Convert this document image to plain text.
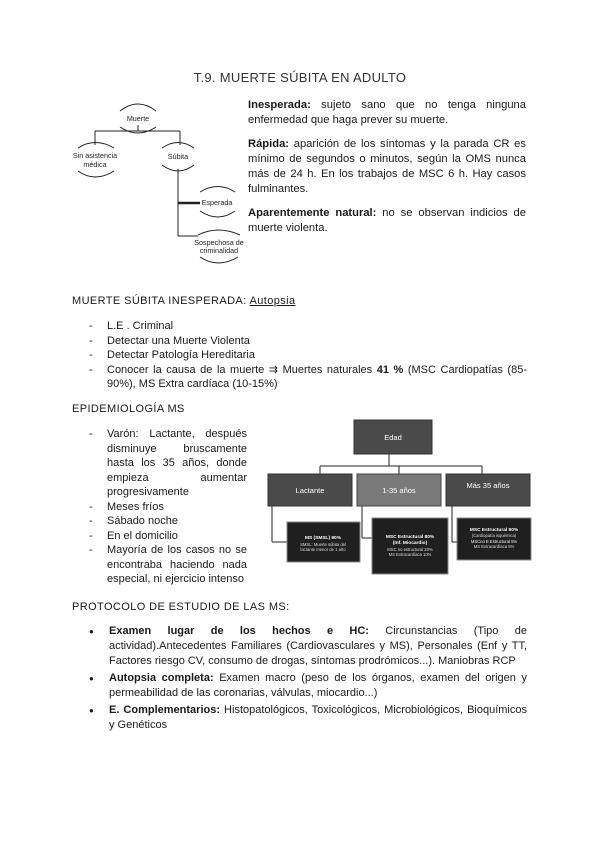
T.9. MUERTE SÚBITA EN ADULTO
Muerte
Sin asistencia
médica
Súbita
Esperada
Sospechosa de
criminalidad
Inesperada: sujeto sano que no tenga ninguna enfermedad que haga prever su muerte.
Rápida: aparición de los síntomas y la parada CR es mínimo de segundos o minutos, según la OMS nunca más de 24 h. En los trabajos de MSC 6 h. Hay casos fulminantes.
Aparentemente natural: no se observan indicios de muerte violenta.
MUERTE SÚBITA INESPERADA: Autopsia
- L.E . Criminal
- Detectar una Muerte Violenta
- Detectar Patología Hereditaria
- Conocer la causa de la muerte ⇉ Muertes naturales 41 % (MSC Cardiopatías (85-90%), MS Extra cardíaca (10-15%)
EPIDEMIOLOGÍA MS
- Varón: Lactante, después disminuye bruscamente hasta los 35 años, donde empieza aumentar progresivamente
- Meses fríos
- Sábado noche
- En el domicilio
- Mayoría de los casos no se encontraba haciendo nada especial, ni ejercicio intenso
Edad
Lactante	1-35 años
Más 35 años
MS (SMSL) 90%
SMSL: Muerte súbita del
lactante menor de 1 año
MSC Estructural 80%
(Inf. Miocardio)
MSC no estructural 20%
MS Extracardíaca 10%
MSC Estructural 90%
(Cardiopatía isquémica)
MSCno E Estructural 5%
MS Extracardíaca 5%
PROTOCOLO DE ESTUDIO DE LAS MS:
● Examen lugar de los hechos e HC: Circunstancias (Tipo de actividad).Antecedentes Familiares (Cardiovasculares y MS), Personales (Enf y TT, Factores riesgo CV, consumo de drogas, síntomas prodrómicos...). Maniobras RCP
● Autopsia completa: Examen macro (peso de los órganos, examen del origen y permeabilidad de las coronarias, válvulas, miocardio...)
● E. Complementarios: Histopatológicos, Toxicológicos, Microbiológicos, Bioquímicos y Genéticos
